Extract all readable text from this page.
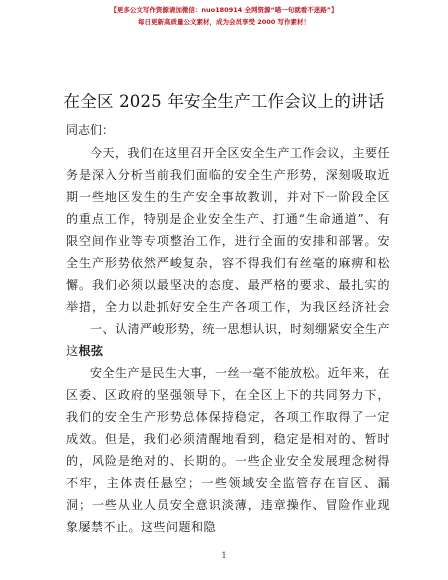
【更多公文写作资源请加微信：nuo180914 全网资源“喵一句就看不迷路”】
每日更新高质量公文素材，成为会员享受 2000 写作素材！
在全区 2025 年安全生产工作会议上的讲话
同志们：

今天，我们在这里召开全区安全生产工作会议，主要任务是深入分析当前我们面临的安全生产形势，深刻吸取近期一些地区发生的生产安全事故教训，并对下一阶段全区的重点工作，特别是企业安全生产、打通“生命通道”、有限空间作业等专项整治工作，进行全面的安排和部署。安全生产形势依然严峻复杂，容不得我们有丝毫的麻痹和松懈。我们必须以最坚决的态度、最严格的要求、最扎实的举措，全力以赴抓好安全生产各项工作，为我区经济社会

一、认清严峻形势，统一思想认识，时刻绷紧安全生产这根弦

安全生产是民生大事，一丝一毫不能放松。近年来，在区委、区政府的坚强领导下，在全区上下的共同努力下，我们的安全生产形势总体保持稳定，各项工作取得了一定成效。但是，我们必须清醒地看到，稳定是相对的、暂时的，风险是绝对的、长期的。一些企业安全发展理念树得不牢，主体责任悬空；一些领域安全监管存在盲区、漏洞；一些从业人员安全意识淡薄，违章操作、冒险作业现象屡禁不止。这些问题和隐

1
